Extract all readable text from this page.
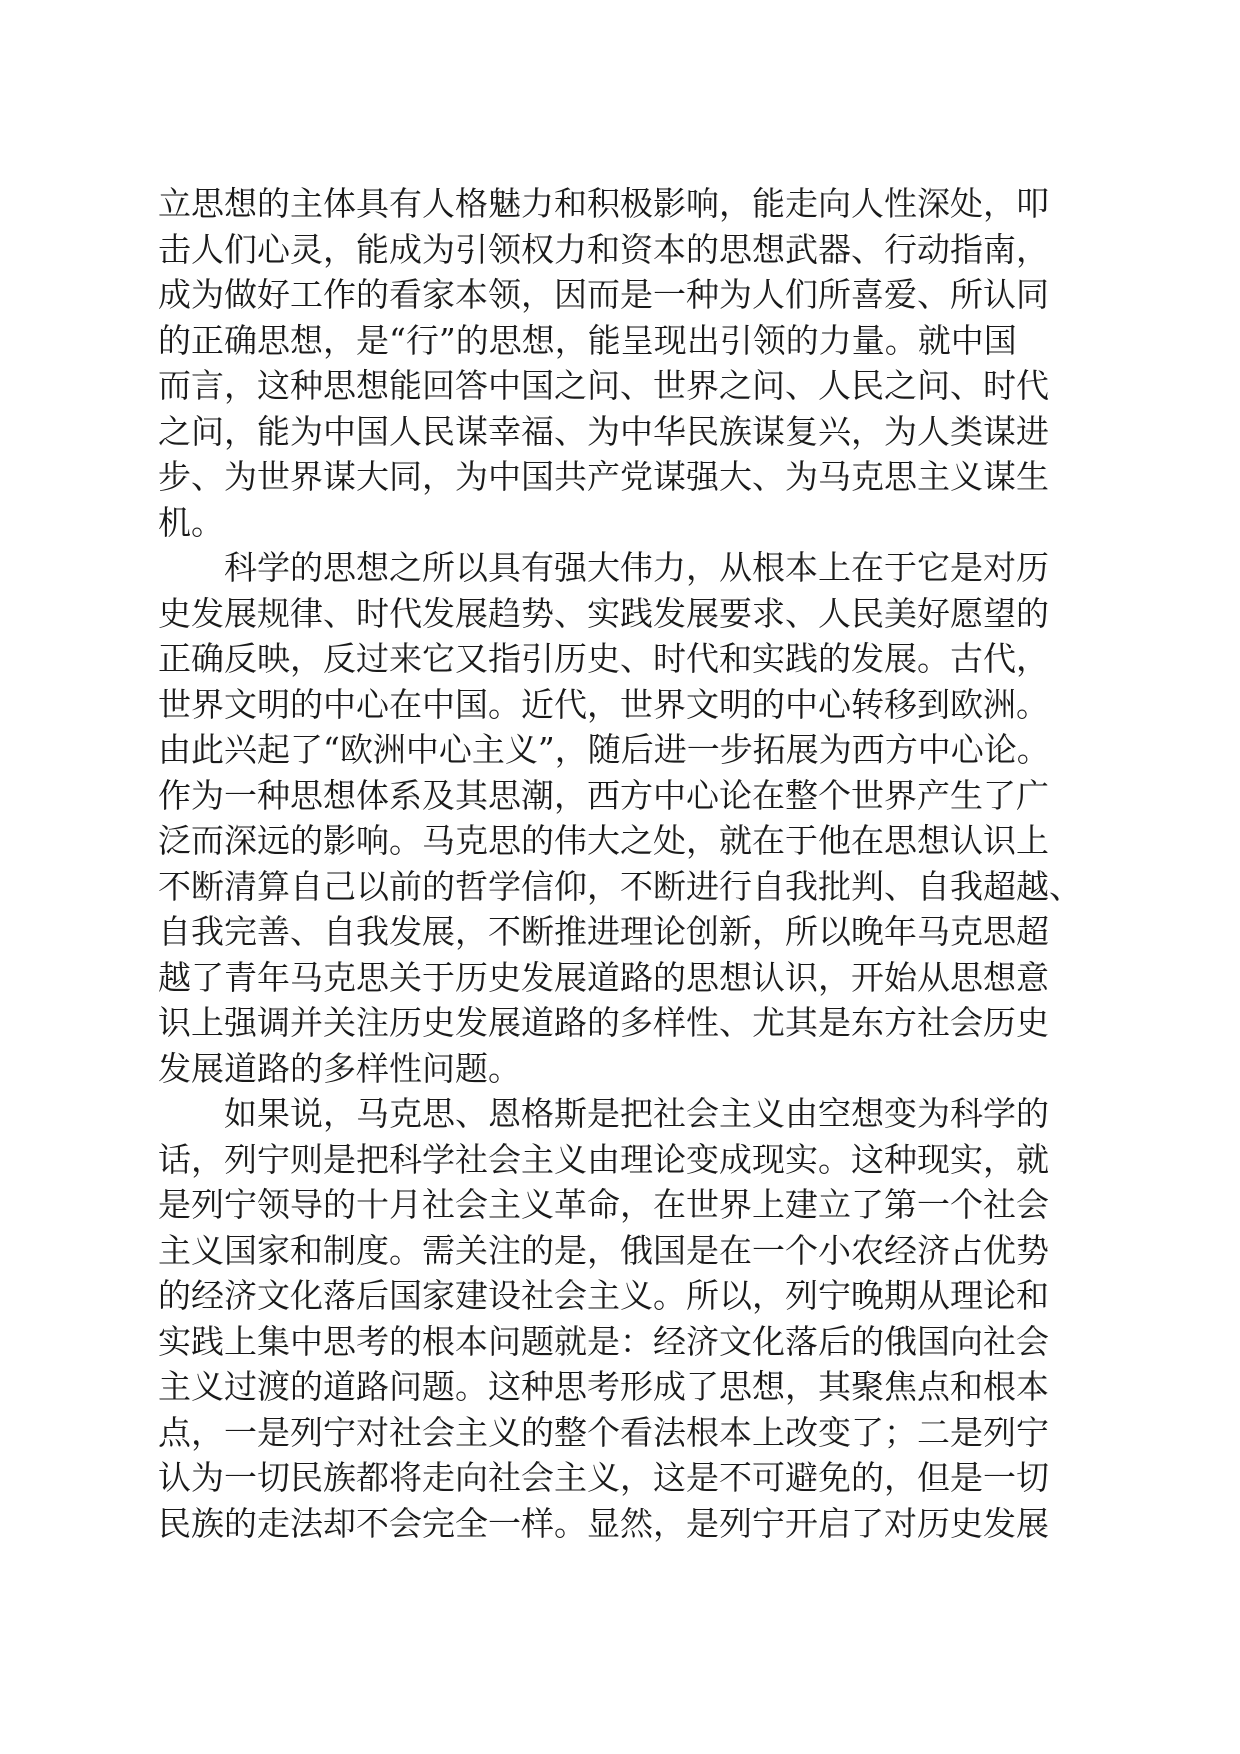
立思想的主体具有人格魅力和积极影响，能走向人性深处，叩
击人们心灵，能成为引领权力和资本的思想武器、行动指南，
成为做好工作的看家本领，因而是一种为人们所喜爱、所认同
的正确思想，是“行”的思想，能呈现出引领的力量。就中国
而言，这种思想能回答中国之问、世界之问、人民之问、时代
之问，能为中国人民谋幸福、为中华民族谋复兴，为人类谋进
步、为世界谋大同，为中国共产党谋强大、为马克思主义谋生
机。
科学的思想之所以具有强大伟力，从根本上在于它是对历
史发展规律、时代发展趋势、实践发展要求、人民美好愿望的
正确反映，反过来它又指引历史、时代和实践的发展。古代，
世界文明的中心在中国。近代，世界文明的中心转移到欧洲。
由此兴起了“欧洲中心主义”，随后进一步拓展为西方中心论。
作为一种思想体系及其思潮，西方中心论在整个世界产生了广
泛而深远的影响。马克思的伟大之处，就在于他在思想认识上
不断清算自己以前的哲学信仰，不断进行自我批判、自我超越、
自我完善、自我发展，不断推进理论创新，所以晚年马克思超
越了青年马克思关于历史发展道路的思想认识，开始从思想意
识上强调并关注历史发展道路的多样性、尤其是东方社会历史
发展道路的多样性问题。
如果说，马克思、恩格斯是把社会主义由空想变为科学的
话，列宁则是把科学社会主义由理论变成现实。这种现实，就
是列宁领导的十月社会主义革命，在世界上建立了第一个社会
主义国家和制度。需关注的是，俄国是在一个小农经济占优势
的经济文化落后国家建设社会主义。所以，列宁晚期从理论和
实践上集中思考的根本问题就是：经济文化落后的俄国向社会
主义过渡的道路问题。这种思考形成了思想，其聚焦点和根本
点，一是列宁对社会主义的整个看法根本上改变了；二是列宁
认为一切民族都将走向社会主义，这是不可避免的，但是一切
民族的走法却不会完全一样。显然，是列宁开启了对历史发展
